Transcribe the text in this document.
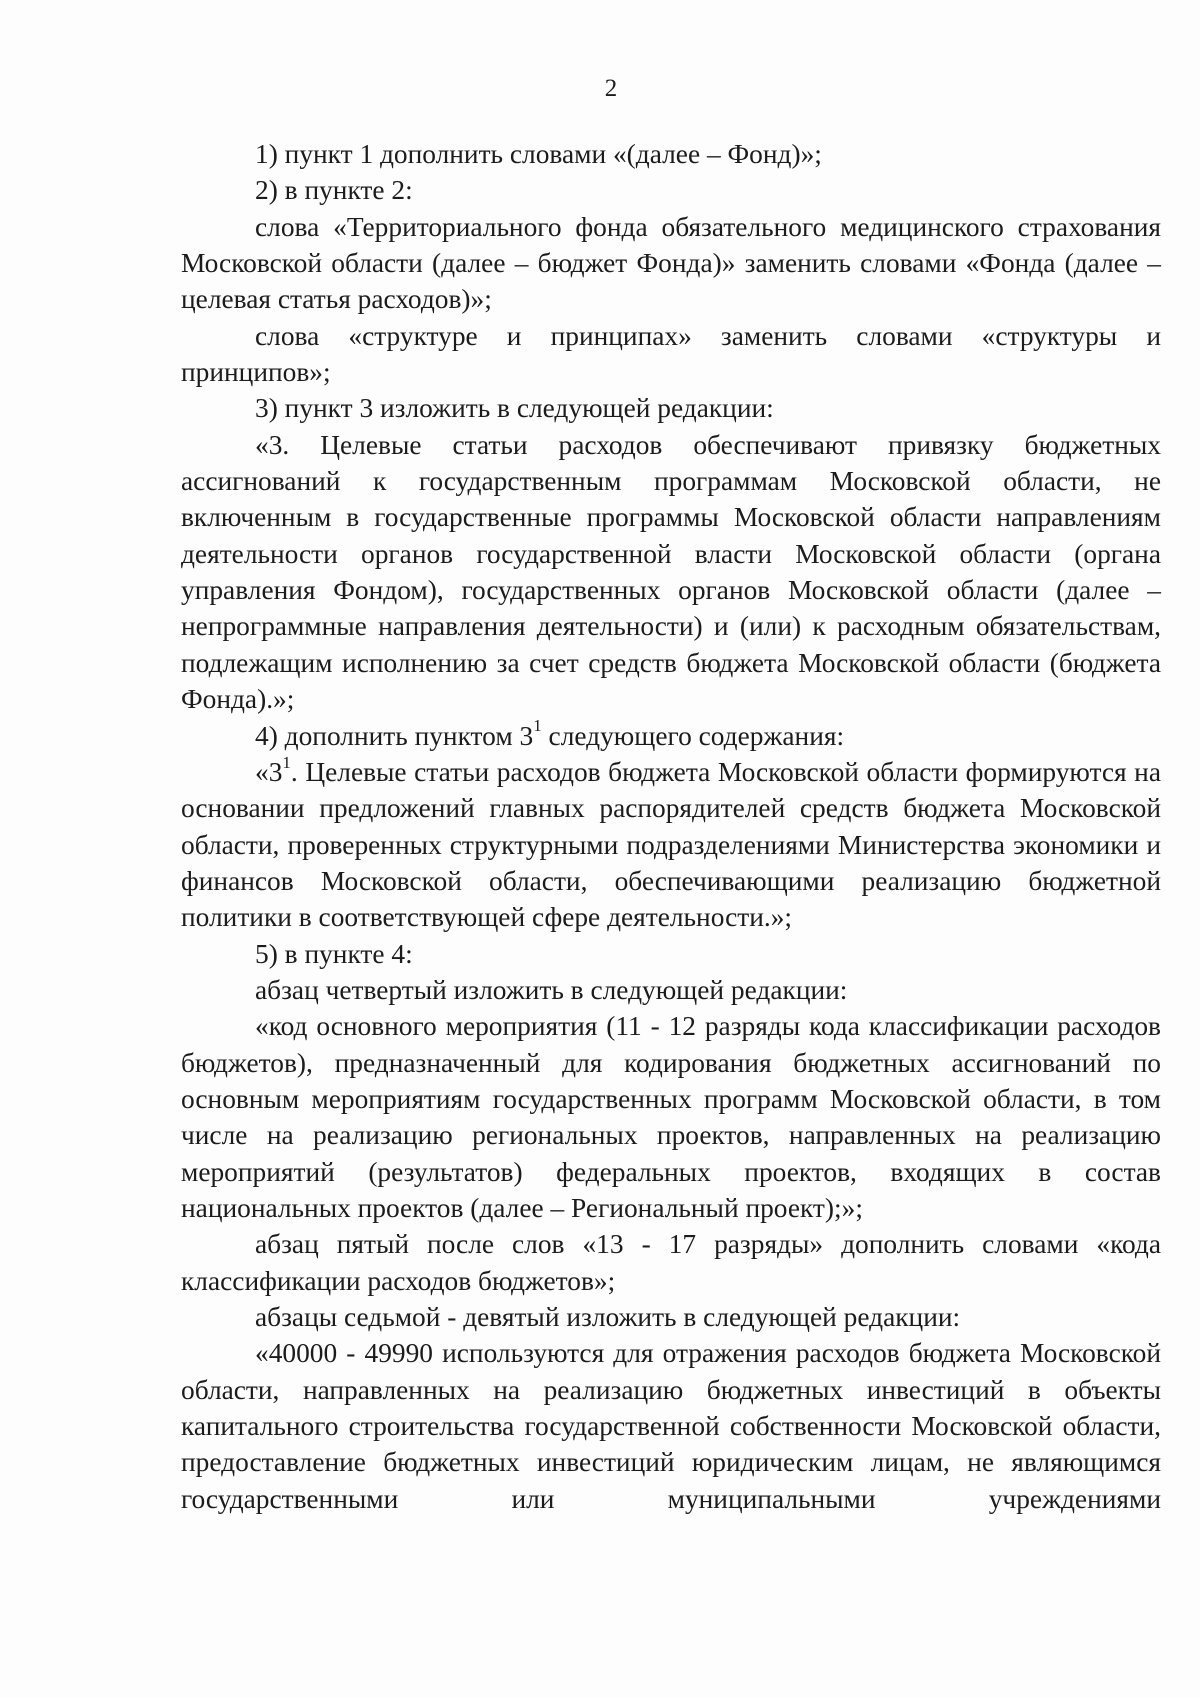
2

1) пункт 1 дополнить словами «(далее – Фонд)»;

2) в пункте 2:

слова «Территориального фонда обязательного медицинского страхования Московской области (далее – бюджет Фонда)» заменить словами «Фонда (далее – целевая статья расходов)»;

слова «структуре и принципах» заменить словами «структуры и принципов»;

3) пункт 3 изложить в следующей редакции:

«3. Целевые статьи расходов обеспечивают привязку бюджетных ассигнований к государственным программам Московской области, не включенным в государственные программы Московской области направлениям деятельности органов государственной власти Московской области (органа управления Фондом), государственных органов Московской области (далее – непрограммные направления деятельности) и (или) к расходным обязательствам, подлежащим исполнению за счет средств бюджета Московской области (бюджета Фонда).»;

4) дополнить пунктом $3^1$ следующего содержания:

«$3^1$. Целевые статьи расходов бюджета Московской области формируются на основании предложений главных распорядителей средств бюджета Московской области, проверенных структурными подразделениями Министерства экономики и финансов Московской области, обеспечивающими реализацию бюджетной политики в соответствующей сфере деятельности.»;

5) в пункте 4:

абзац четвертый изложить в следующей редакции:

«код основного мероприятия (11 - 12 разряды кода классификации расходов бюджетов), предназначенный для кодирования бюджетных ассигнований по основным мероприятиям государственных программ Московской области, в том числе на реализацию региональных проектов, направленных на реализацию мероприятий (результатов) федеральных проектов, входящих в состав национальных проектов (далее – Региональный проект);»;

абзац пятый после слов «13 - 17 разряды» дополнить словами «кода классификации расходов бюджетов»;

абзацы седьмой - девятый изложить в следующей редакции:

«40000 - 49990 используются для отражения расходов бюджета Московской области, направленных на реализацию бюджетных инвестиций в объекты капитального строительства государственной собственности Московской области, предоставление бюджетных инвестиций юридическим лицам, не являющимся государственными или муниципальными учреждениями
